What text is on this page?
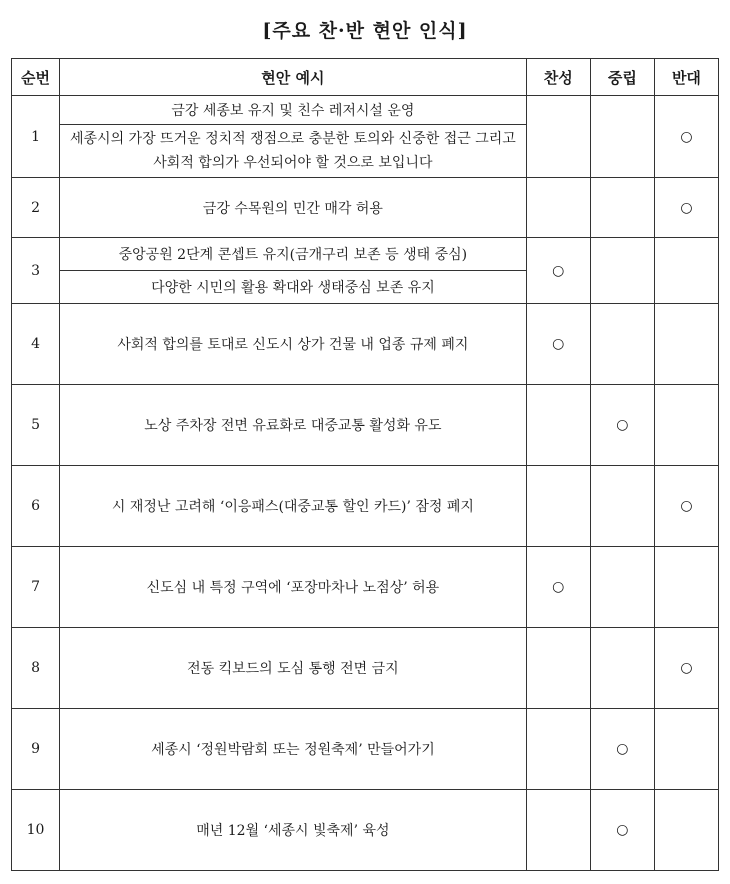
[주요 찬·반 현안 인식]
순번	현안 예시	찬성	중립	반대
1	금강 세종보 유지 및 친수 레저시설 운영
세종시의 가장 뜨거운 정치적 쟁점으로 충분한 토의와 신중한 접근 그리고 사회적 합의가 우선되어야 할 것으로 보입니다			○
2	금강 수목원의 민간 매각 허용			○
3	중앙공원 2단계 콘셉트 유지(금개구리 보존 등 생태 중심)
다양한 시민의 활용 확대와 생태중심 보존 유지	○		
4	사회적 합의를 토대로 신도시 상가 건물 내 업종 규제 폐지	○		
5	노상 주차장 전면 유료화로 대중교통 활성화 유도		○	
6	시 재정난 고려해 ‘이응패스(대중교통 할인 카드)’ 잠정 폐지			○
7	신도심 내 특정 구역에 ‘포장마차나 노점상’ 허용	○		
8	전동 킥보드의 도심 통행 전면 금지			○
9	세종시 ‘정원박람회 또는 정원축제’ 만들어가기		○	
10	매년 12월 ‘세종시 빛축제’ 육성		○	
